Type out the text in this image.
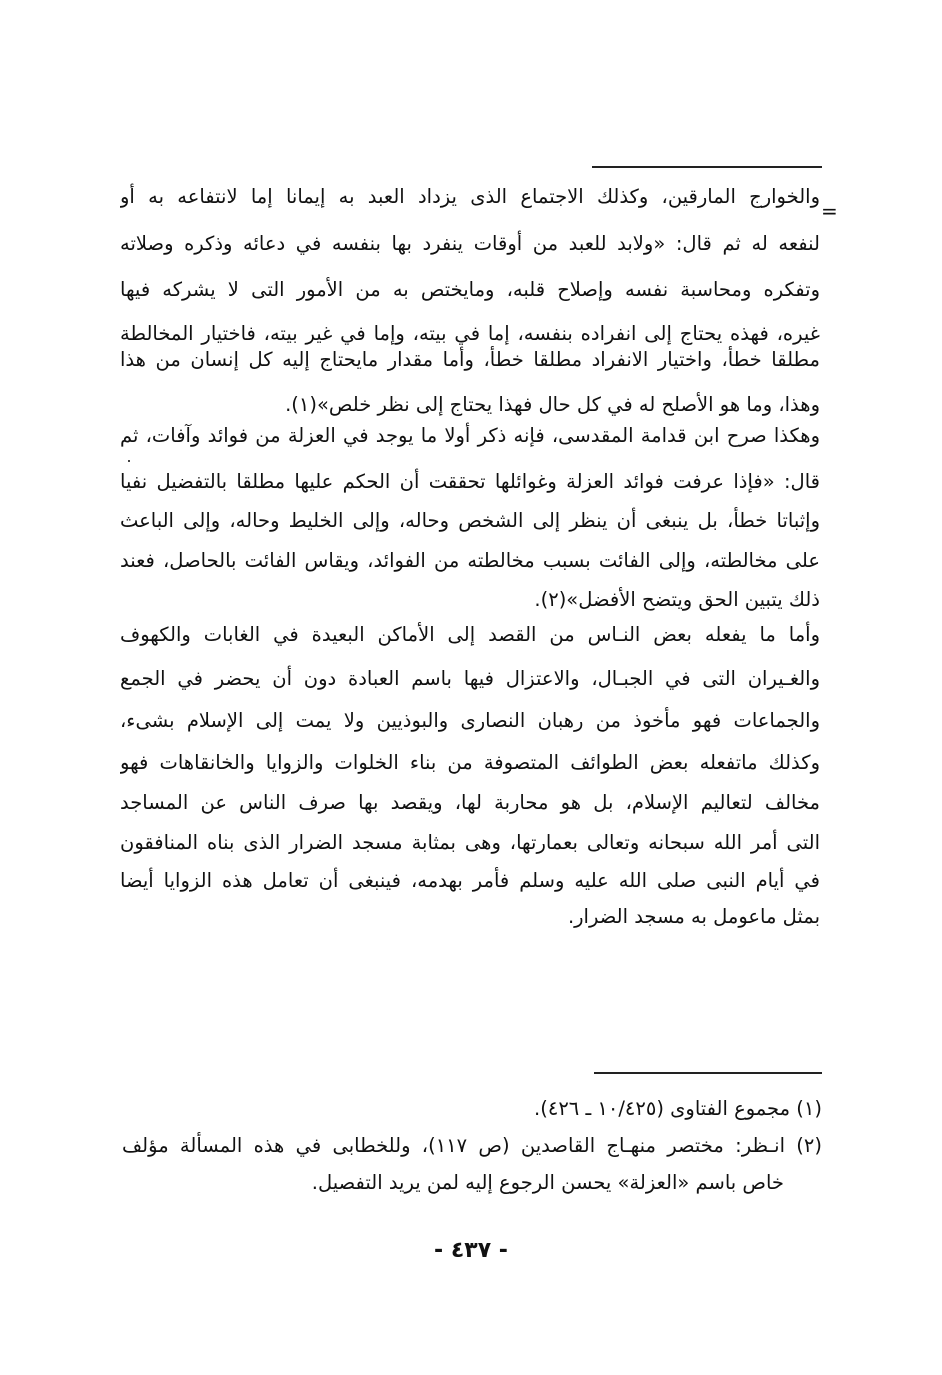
=
والخوارج المارقين، وكذلك الاجتماع الذى يزداد العبد به إيمانا إما لانتفاعه به أو
لنفعه له ثم قال: «ولابد للعبد من أوقات ينفرد بها بنفسه في دعائه وذكره وصلاته
وتفكره ومحاسبة نفسه وإصلاح قلبه، ومايختص به من الأمور التى لا يشركه فيها
غيره، فهذه يحتاج إلى انفراده بنفسه، إما في بيته، وإما في غير بيته، فاختيار المخالطة
مطلقا خطأ، واختيار الانفراد مطلقا خطأ، وأما مقدار مايحتاج إليه كل إنسان من هذا
وهذا، وما هو الأصلح له في كل حال فهذا يحتاج إلى نظر خلص»(١).
وهكذا صرح ابن قدامة المقدسى، فإنه ذكر أولا ما يوجد في العزلة من فوائد وآفات، ثم
قال: «فإذا عرفت فوائد العزلة وغوائلها تحققت أن الحكم عليها مطلقا بالتفضيل نفيا
وإثباتا خطأ، بل ينبغى أن ينظر إلى الشخص وحاله، وإلى الخليط وحاله، وإلى الباعث
على مخالطته، وإلى الفائت بسبب مخالطته من الفوائد، ويقاس الفائت بالحاصل، فعند
ذلك يتبين الحق ويتضح الأفضل»(٢).
وأما ما يفعله بعض النـاس من القصد إلى الأماكن البعيدة في الغابات والكهوف
والغـيران التى في الجبـال، والاعتزال فيها باسم العبادة دون أن يحضر في الجمع
والجماعات فهو مأخوذ من رهبان النصارى والبوذيين ولا يمت إلى الإسلام بشىء،
وكذلك ماتفعله بعض الطوائف المتصوفة من بناء الخلوات والزوايا والخانقاهات فهو
مخالف لتعاليم الإسلام، بل هو محاربة لها، ويقصد بها صرف الناس عن المساجد
التى أمر الله سبحانه وتعالى بعمارتها، وهى بمثابة مسجد الضرار الذى بناه المنافقون
في أيام النبى صلى الله عليه وسلم فأمر بهدمه، فينبغى أن تعامل هذه الزوايا أيضا
بمثل ماعومل به مسجد الضرار.
(١) مجموع الفتاوى (١٠/٤٢٥ ـ ٤٢٦).
(٢) انـظر: مختصر منهـاج القاصدين (ص ١١٧)، وللخطابى في هذه المسألة مؤلف
خاص باسم «العزلة» يحسن الرجوع إليه لمن يريد التفصيل.
- ٤٣٧ -
